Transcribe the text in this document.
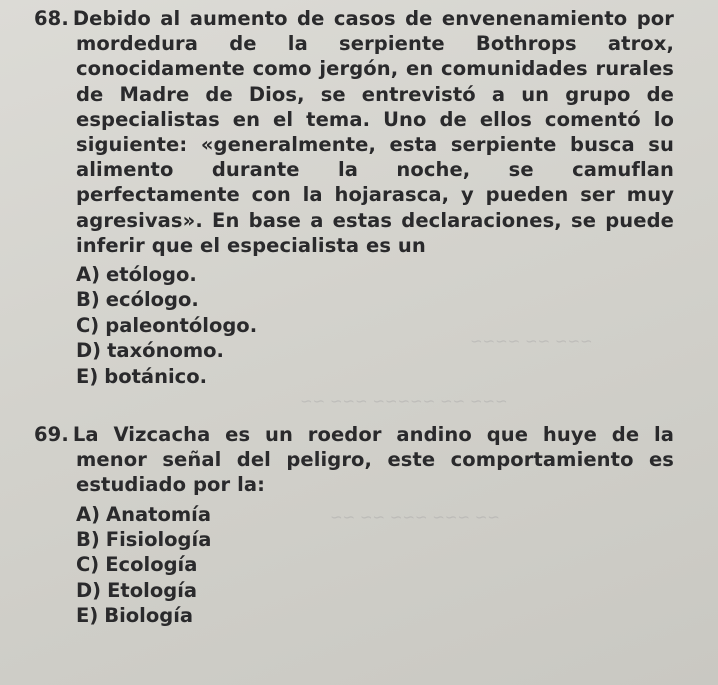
~~~ ~~ ~~~~
~~~ ~~ ~~~~~ ~~~ ~~
~~ ~~~ ~~~ ~~ ~~

68. Debido al aumento de casos de envenenamiento por mordedura de la serpiente Bothrops atrox, conocidamente como jergón, en comunidades rurales de Madre de Dios, se entrevistó a un grupo de especialistas en el tema. Uno de ellos comentó lo siguiente: «generalmente, esta serpiente busca su alimento durante la noche, se camuflan perfectamente con la hojarasca, y pueden ser muy agresivas». En base a estas declaraciones, se puede inferir que el especialista es un

A) etólogo.
B) ecólogo.
C) paleontólogo.
D) taxónomo.
E) botánico.

69. La Vizcacha es un roedor andino que huye de la menor señal del peligro, este comportamiento es estudiado por la:

A) Anatomía
B) Fisiología
C) Ecología
D) Etología
E) Biología
